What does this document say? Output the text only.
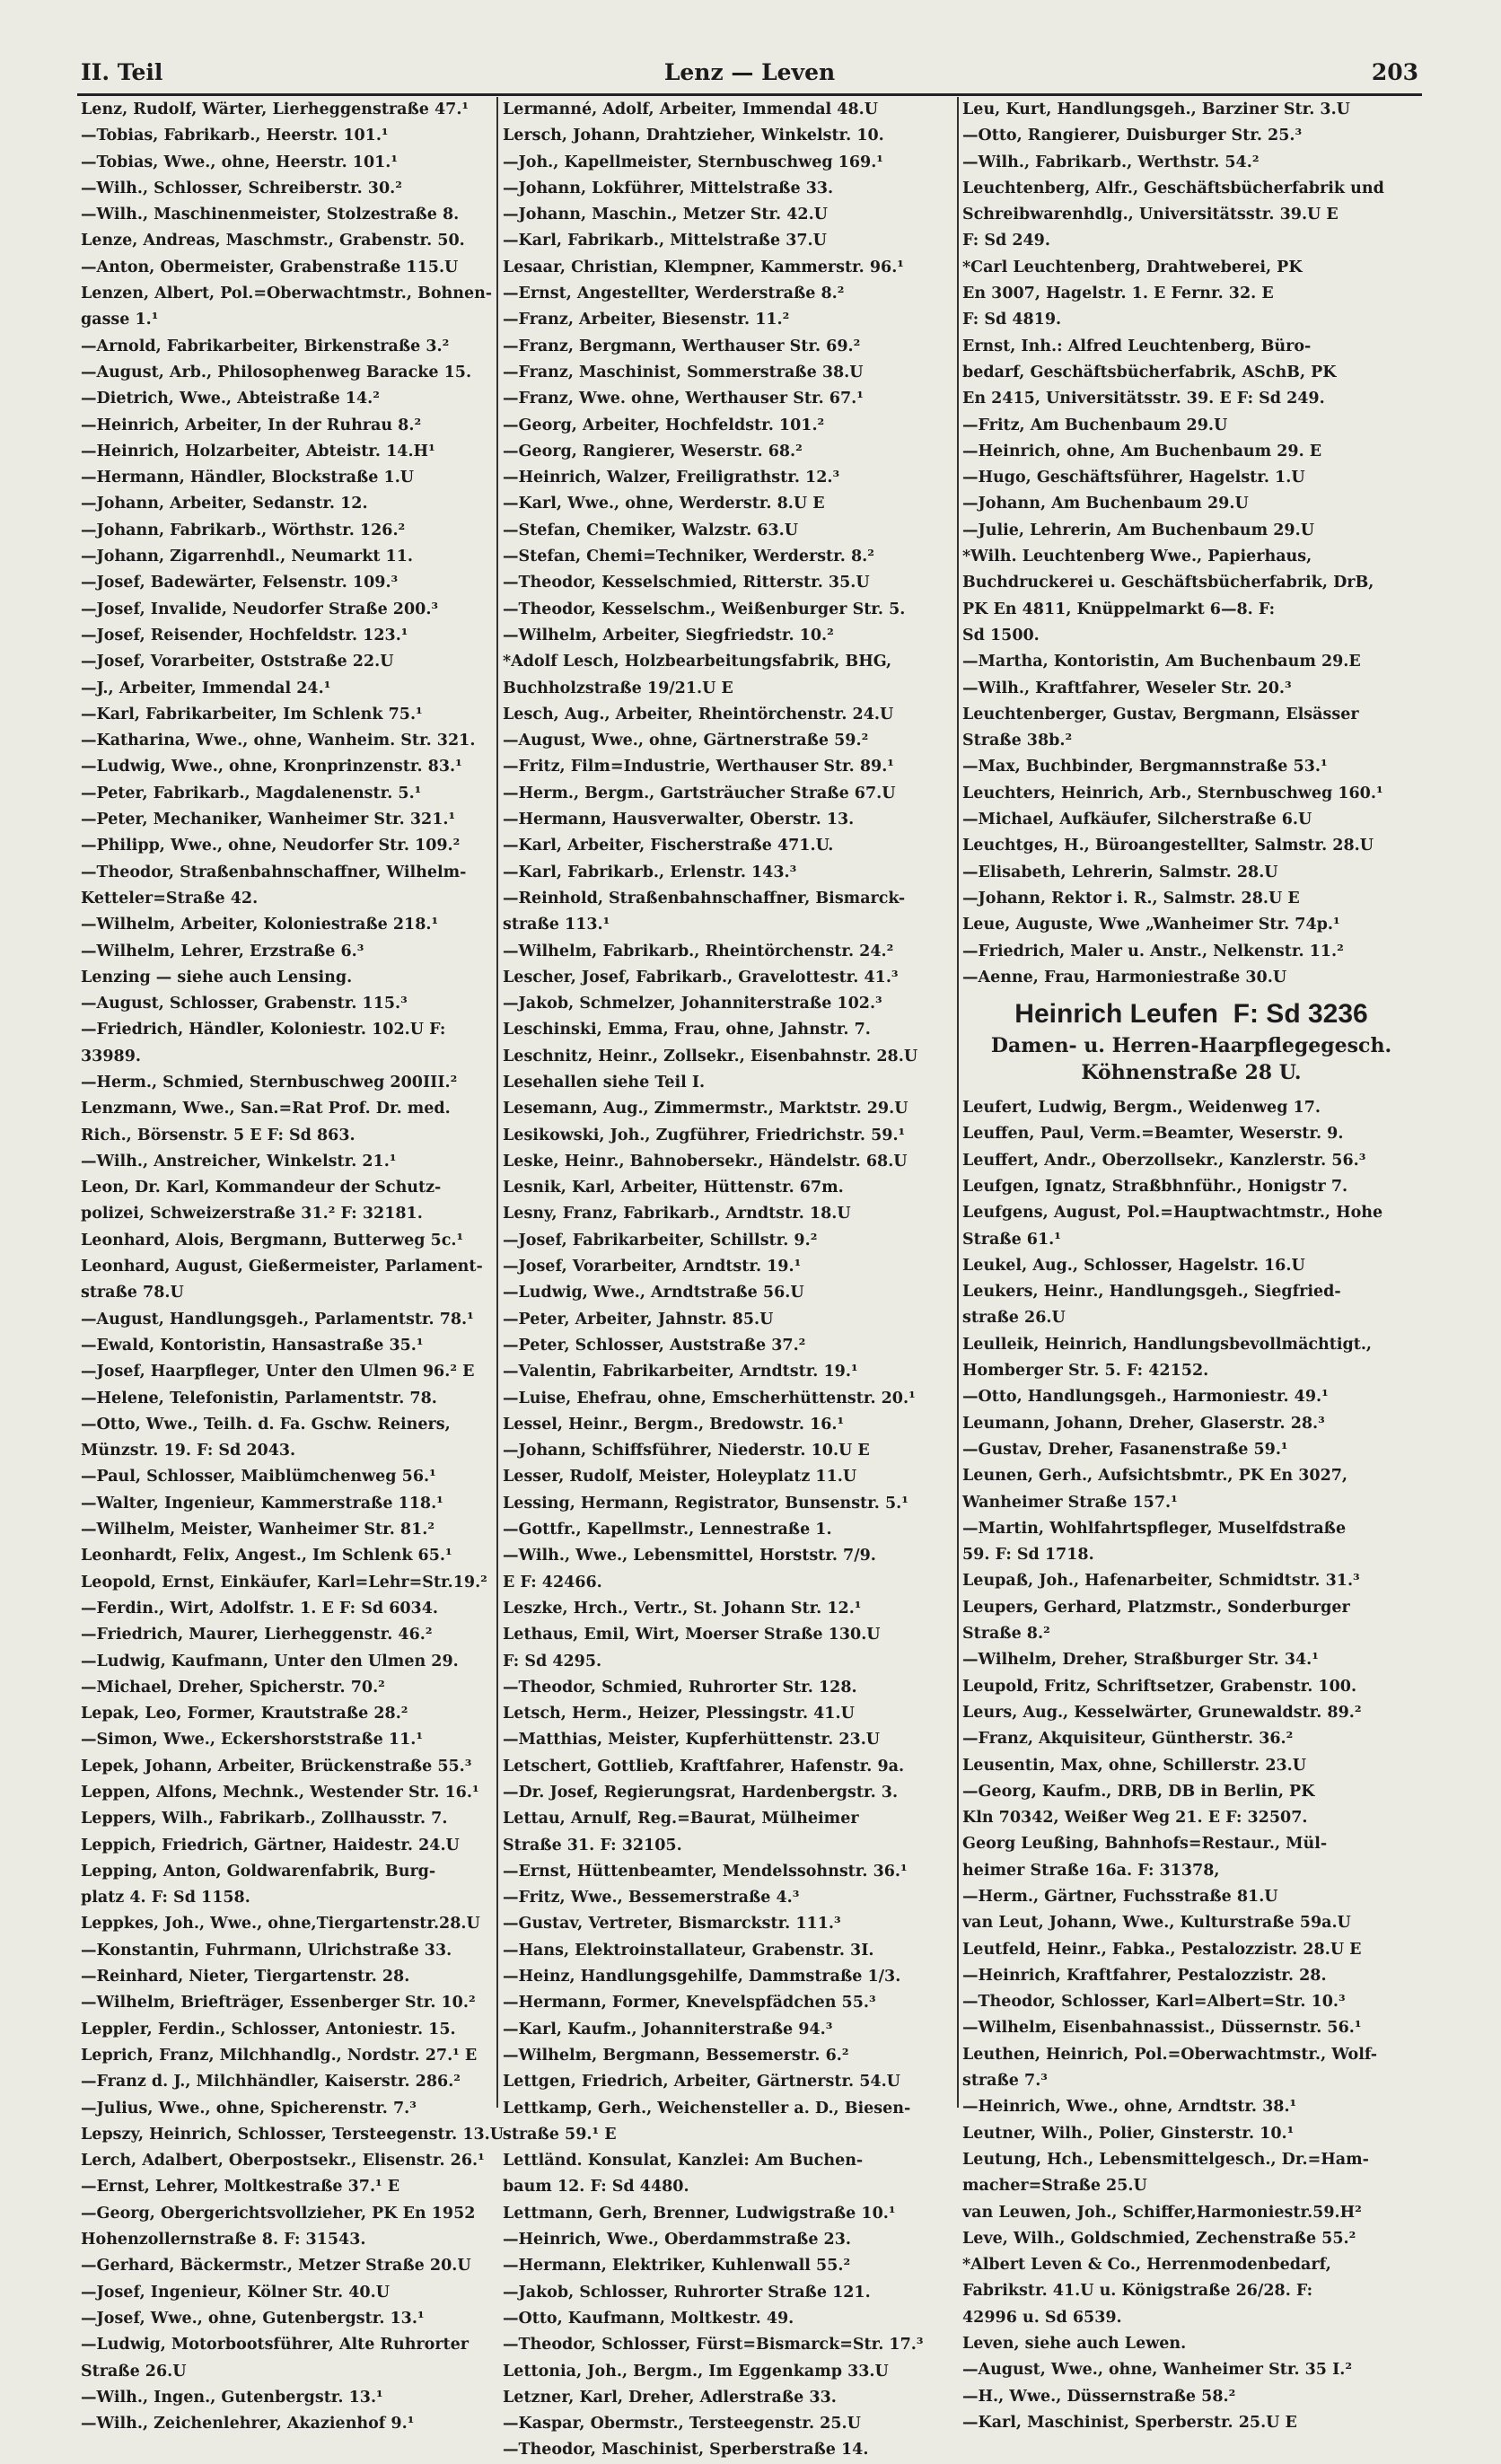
II. Teil	Lenz — Leven	203
Lenz, Rudolf, Wärter, Lierheggenstraße 47.¹
—Tobias, Fabrikarb., Heerstr. 101.¹
—Tobias, Wwe., ohne, Heerstr. 101.¹
—Wilh., Schlosser, Schreiberstr. 30.²
—Wilh., Maschinenmeister, Stolzestraße 8.
Lenze, Andreas, Maschmstr., Grabenstr. 50.
—Anton, Obermeister, Grabenstraße 115.U
Lenzen, Albert, Pol.=Oberwachtmstr., Bohnen-
gasse 1.¹
—Arnold, Fabrikarbeiter, Birkenstraße 3.²
—August, Arb., Philosophenweg Baracke 15.
—Dietrich, Wwe., Abteistraße 14.²
—Heinrich, Arbeiter, In der Ruhrau 8.²
—Heinrich, Holzarbeiter, Abteistr. 14.H¹
—Hermann, Händler, Blockstraße 1.U
—Johann, Arbeiter, Sedanstr. 12.
—Johann, Fabrikarb., Wörthstr. 126.²
—Johann, Zigarrenhdl., Neumarkt 11.
—Josef, Badewärter, Felsenstr. 109.³
—Josef, Invalide, Neudorfer Straße 200.³
—Josef, Reisender, Hochfeldstr. 123.¹
—Josef, Vorarbeiter, Oststraße 22.U
—J., Arbeiter, Immendal 24.¹
—Karl, Fabrikarbeiter, Im Schlenk 75.¹
—Katharina, Wwe., ohne, Wanheim. Str. 321.
—Ludwig, Wwe., ohne, Kronprinzenstr. 83.¹
—Peter, Fabrikarb., Magdalenenstr. 5.¹
—Peter, Mechaniker, Wanheimer Str. 321.¹
—Philipp, Wwe., ohne, Neudorfer Str. 109.²
—Theodor, Straßenbahnschaffner, Wilhelm-
Ketteler=Straße 42.
—Wilhelm, Arbeiter, Koloniestraße 218.¹
—Wilhelm, Lehrer, Erzstraße 6.³
Lenzing — siehe auch Lensing.
—August, Schlosser, Grabenstr. 115.³
—Friedrich, Händler, Koloniestr. 102.U F:
33989.
—Herm., Schmied, Sternbuschweg 200III.²
Lenzmann, Wwe., San.=Rat Prof. Dr. med.
Rich., Börsenstr. 5 E F: Sd 863.
—Wilh., Anstreicher, Winkelstr. 21.¹
Leon, Dr. Karl, Kommandeur der Schutz-
polizei, Schweizerstraße 31.² F: 32181.
Leonhard, Alois, Bergmann, Butterweg 5c.¹
Leonhard, August, Gießermeister, Parlament-
straße 78.U
—August, Handlungsgeh., Parlamentstr. 78.¹
—Ewald, Kontoristin, Hansastraße 35.¹
—Josef, Haarpfleger, Unter den Ulmen 96.² E
—Helene, Telefonistin, Parlamentstr. 78.
—Otto, Wwe., Teilh. d. Fa. Gschw. Reiners,
Münzstr. 19. F: Sd 2043.
—Paul, Schlosser, Maiblümchenweg 56.¹
—Walter, Ingenieur, Kammerstraße 118.¹
—Wilhelm, Meister, Wanheimer Str. 81.²
Leonhardt, Felix, Angest., Im Schlenk 65.¹
Leopold, Ernst, Einkäufer, Karl=Lehr=Str.19.²
—Ferdin., Wirt, Adolfstr. 1. E F: Sd 6034.
—Friedrich, Maurer, Lierheggenstr. 46.²
—Ludwig, Kaufmann, Unter den Ulmen 29.
—Michael, Dreher, Spicherstr. 70.²
Lepak, Leo, Former, Krautstraße 28.²
—Simon, Wwe., Eckershorststraße 11.¹
Lepek, Johann, Arbeiter, Brückenstraße 55.³
Leppen, Alfons, Mechnk., Westender Str. 16.¹
Leppers, Wilh., Fabrikarb., Zollhausstr. 7.
Leppich, Friedrich, Gärtner, Haidestr. 24.U
Lepping, Anton, Goldwarenfabrik, Burg-
platz 4. F: Sd 1158.
Leppkes, Joh., Wwe., ohne,Tiergartenstr.28.U
—Konstantin, Fuhrmann, Ulrichstraße 33.
—Reinhard, Nieter, Tiergartenstr. 28.
—Wilhelm, Briefträger, Essenberger Str. 10.²
Leppler, Ferdin., Schlosser, Antoniestr. 15.
Leprich, Franz, Milchhandlg., Nordstr. 27.¹ E
—Franz d. J., Milchhändler, Kaiserstr. 286.²
—Julius, Wwe., ohne, Spicherenstr. 7.³
Lepszy, Heinrich, Schlosser, Tersteegenstr. 13.U
Lerch, Adalbert, Oberpostsekr., Elisenstr. 26.¹
—Ernst, Lehrer, Moltkestraße 37.¹ E
—Georg, Obergerichtsvollzieher, PK En 1952
Hohenzollernstraße 8. F: 31543.
—Gerhard, Bäckermstr., Metzer Straße 20.U
—Josef, Ingenieur, Kölner Str. 40.U
—Josef, Wwe., ohne, Gutenbergstr. 13.¹
—Ludwig, Motorbootsführer, Alte Ruhrorter
Straße 26.U
—Wilh., Ingen., Gutenbergstr. 13.¹
—Wilh., Zeichenlehrer, Akazienhof 9.¹
Lermanné, Adolf, Arbeiter, Immendal 48.U
Lersch, Johann, Drahtzieher, Winkelstr. 10.
—Joh., Kapellmeister, Sternbuschweg 169.¹
—Johann, Lokführer, Mittelstraße 33.
—Johann, Maschin., Metzer Str. 42.U
—Karl, Fabrikarb., Mittelstraße 37.U
Lesaar, Christian, Klempner, Kammerstr. 96.¹
—Ernst, Angestellter, Werderstraße 8.²
—Franz, Arbeiter, Biesenstr. 11.²
—Franz, Bergmann, Werthauser Str. 69.²
—Franz, Maschinist, Sommerstraße 38.U
—Franz, Wwe. ohne, Werthauser Str. 67.¹
—Georg, Arbeiter, Hochfeldstr. 101.²
—Georg, Rangierer, Weserstr. 68.²
—Heinrich, Walzer, Freiligrathstr. 12.³
—Karl, Wwe., ohne, Werderstr. 8.U E
—Stefan, Chemiker, Walzstr. 63.U
—Stefan, Chemi=Techniker, Werderstr. 8.²
—Theodor, Kesselschmied, Ritterstr. 35.U
—Theodor, Kesselschm., Weißenburger Str. 5.
—Wilhelm, Arbeiter, Siegfriedstr. 10.²
*Adolf Lesch, Holzbearbeitungsfabrik, BHG,
Buchholzstraße 19/21.U E
Lesch, Aug., Arbeiter, Rheintörchenstr. 24.U
—August, Wwe., ohne, Gärtnerstraße 59.²
—Fritz, Film=Industrie, Werthauser Str. 89.¹
—Herm., Bergm., Gartsträucher Straße 67.U
—Hermann, Hausverwalter, Oberstr. 13.
—Karl, Arbeiter, Fischerstraße 471.U.
—Karl, Fabrikarb., Erlenstr. 143.³
—Reinhold, Straßenbahnschaffner, Bismarck-
straße 113.¹
—Wilhelm, Fabrikarb., Rheintörchenstr. 24.²
Lescher, Josef, Fabrikarb., Gravelottestr. 41.³
—Jakob, Schmelzer, Johanniterstraße 102.³
Leschinski, Emma, Frau, ohne, Jahnstr. 7.
Leschnitz, Heinr., Zollsekr., Eisenbahnstr. 28.U
Lesehallen siehe Teil I.
Lesemann, Aug., Zimmermstr., Marktstr. 29.U
Lesikowski, Joh., Zugführer, Friedrichstr. 59.¹
Leske, Heinr., Bahnobersekr., Händelstr. 68.U
Lesnik, Karl, Arbeiter, Hüttenstr. 67m.
Lesny, Franz, Fabrikarb., Arndtstr. 18.U
—Josef, Fabrikarbeiter, Schillstr. 9.²
—Josef, Vorarbeiter, Arndtstr. 19.¹
—Ludwig, Wwe., Arndtstraße 56.U
—Peter, Arbeiter, Jahnstr. 85.U
—Peter, Schlosser, Auststraße 37.²
—Valentin, Fabrikarbeiter, Arndtstr. 19.¹
—Luise, Ehefrau, ohne, Emscherhüttenstr. 20.¹
Lessel, Heinr., Bergm., Bredowstr. 16.¹
—Johann, Schiffsführer, Niederstr. 10.U E
Lesser, Rudolf, Meister, Holeyplatz 11.U
Lessing, Hermann, Registrator, Bunsenstr. 5.¹
—Gottfr., Kapellmstr., Lennestraße 1.
—Wilh., Wwe., Lebensmittel, Horststr. 7/9.
E F: 42466.
Leszke, Hrch., Vertr., St. Johann Str. 12.¹
Lethaus, Emil, Wirt, Moerser Straße 130.U
F: Sd 4295.
—Theodor, Schmied, Ruhrorter Str. 128.
Letsch, Herm., Heizer, Plessingstr. 41.U
—Matthias, Meister, Kupferhüttenstr. 23.U
Letschert, Gottlieb, Kraftfahrer, Hafenstr. 9a.
—Dr. Josef, Regierungsrat, Hardenbergstr. 3.
Lettau, Arnulf, Reg.=Baurat, Mülheimer
Straße 31. F: 32105.
—Ernst, Hüttenbeamter, Mendelssohnstr. 36.¹
—Fritz, Wwe., Bessemerstraße 4.³
—Gustav, Vertreter, Bismarckstr. 111.³
—Hans, Elektroinstallateur, Grabenstr. 3I.
—Heinz, Handlungsgehilfe, Dammstraße 1/3.
—Hermann, Former, Knevelspfädchen 55.³
—Karl, Kaufm., Johanniterstraße 94.³
—Wilhelm, Bergmann, Bessemerstr. 6.²
Lettgen, Friedrich, Arbeiter, Gärtnerstr. 54.U
Lettkamp, Gerh., Weichensteller a. D., Biesen-
straße 59.¹ E
Lettländ. Konsulat, Kanzlei: Am Buchen-
baum 12. F: Sd 4480.
Lettmann, Gerh, Brenner, Ludwigstraße 10.¹
—Heinrich, Wwe., Oberdammstraße 23.
—Hermann, Elektriker, Kuhlenwall 55.²
—Jakob, Schlosser, Ruhrorter Straße 121.
—Otto, Kaufmann, Moltkestr. 49.
—Theodor, Schlosser, Fürst=Bismarck=Str. 17.³
Lettonia, Joh., Bergm., Im Eggenkamp 33.U
Letzner, Karl, Dreher, Adlerstraße 33.
—Kaspar, Obermstr., Tersteegenstr. 25.U
—Theodor, Maschinist, Sperberstraße 14.
Leu, Kurt, Handlungsgeh., Barziner Str. 3.U
—Otto, Rangierer, Duisburger Str. 25.³
—Wilh., Fabrikarb., Werthstr. 54.²
Leuchtenberg, Alfr., Geschäftsbücherfabrik und
Schreibwarenhdlg., Universitätsstr. 39.U E
F: Sd 249.
*Carl Leuchtenberg, Drahtweberei, PK
En 3007, Hagelstr. 1. E Fernr. 32. E
F: Sd 4819.
Ernst, Inh.: Alfred Leuchtenberg, Büro-
bedarf, Geschäftsbücherfabrik, ASchB, PK
En 2415, Universitätsstr. 39. E F: Sd 249.
—Fritz, Am Buchenbaum 29.U
—Heinrich, ohne, Am Buchenbaum 29. E
—Hugo, Geschäftsführer, Hagelstr. 1.U
—Johann, Am Buchenbaum 29.U
—Julie, Lehrerin, Am Buchenbaum 29.U
*Wilh. Leuchtenberg Wwe., Papierhaus,
Buchdruckerei u. Geschäftsbücherfabrik, DrB,
PK En 4811, Knüppelmarkt 6—8. F:
Sd 1500.
—Martha, Kontoristin, Am Buchenbaum 29.E
—Wilh., Kraftfahrer, Weseler Str. 20.³
Leuchtenberger, Gustav, Bergmann, Elsässer
Straße 38b.²
—Max, Buchbinder, Bergmannstraße 53.¹
Leuchters, Heinrich, Arb., Sternbuschweg 160.¹
—Michael, Aufkäufer, Silcherstraße 6.U
Leuchtges, H., Büroangestellter, Salmstr. 28.U
—Elisabeth, Lehrerin, Salmstr. 28.U
—Johann, Rektor i. R., Salmstr. 28.U E
Leue, Auguste, Wwe „Wanheimer Str. 74p.¹
—Friedrich, Maler u. Anstr., Nelkenstr. 11.²
—Aenne, Frau, Harmoniestraße 30.U
Heinrich Leufen F: Sd 3236
Damen- u. Herren-Haarpflegegesch.
Köhnenstraße 28 U.
Leufert, Ludwig, Bergm., Weidenweg 17.
Leuffen, Paul, Verm.=Beamter, Weserstr. 9.
Leuffert, Andr., Oberzollsekr., Kanzlerstr. 56.³
Leufgen, Ignatz, Straßbhnführ., Honigstr 7.
Leufgens, August, Pol.=Hauptwachtmstr., Hohe
Straße 61.¹
Leukel, Aug., Schlosser, Hagelstr. 16.U
Leukers, Heinr., Handlungsgeh., Siegfried-
straße 26.U
Leulleik, Heinrich, Handlungsbevollmächtigt.,
Homberger Str. 5. F: 42152.
—Otto, Handlungsgeh., Harmoniestr. 49.¹
Leumann, Johann, Dreher, Glaserstr. 28.³
—Gustav, Dreher, Fasanenstraße 59.¹
Leunen, Gerh., Aufsichtsbmtr., PK En 3027,
Wanheimer Straße 157.¹
—Martin, Wohlfahrtspfleger, Muselfdstraße
59. F: Sd 1718.
Leupaß, Joh., Hafenarbeiter, Schmidtstr. 31.³
Leupers, Gerhard, Platzmstr., Sonderburger
Straße 8.²
—Wilhelm, Dreher, Straßburger Str. 34.¹
Leupold, Fritz, Schriftsetzer, Grabenstr. 100.
Leurs, Aug., Kesselwärter, Grunewaldstr. 89.²
—Franz, Akquisiteur, Güntherstr. 36.²
Leusentin, Max, ohne, Schillerstr. 23.U
—Georg, Kaufm., DRB, DB in Berlin, PK
Kln 70342, Weißer Weg 21. E F: 32507.
Georg Leußing, Bahnhofs=Restaur., Mül-
heimer Straße 16a. F: 31378,
—Herm., Gärtner, Fuchsstraße 81.U
van Leut, Johann, Wwe., Kulturstraße 59a.U
Leutfeld, Heinr., Fabka., Pestalozzistr. 28.U E
—Heinrich, Kraftfahrer, Pestalozzistr. 28.
—Theodor, Schlosser, Karl=Albert=Str. 10.³
—Wilhelm, Eisenbahnassist., Düssernstr. 56.¹
Leuthen, Heinrich, Pol.=Oberwachtmstr., Wolf-
straße 7.³
—Heinrich, Wwe., ohne, Arndtstr. 38.¹
Leutner, Wilh., Polier, Ginsterstr. 10.¹
Leutung, Hch., Lebensmittelgesch., Dr.=Ham-
macher=Straße 25.U
van Leuwen, Joh., Schiffer,Harmoniestr.59.H²
Leve, Wilh., Goldschmied, Zechenstraße 55.²
*Albert Leven & Co., Herrenmodenbedarf,
Fabrikstr. 41.U u. Königstraße 26/28. F:
42996 u. Sd 6539.
Leven, siehe auch Lewen.
—August, Wwe., ohne, Wanheimer Str. 35 I.²
—H., Wwe., Düssernstraße 58.²
—Karl, Maschinist, Sperberstr. 25.U E
